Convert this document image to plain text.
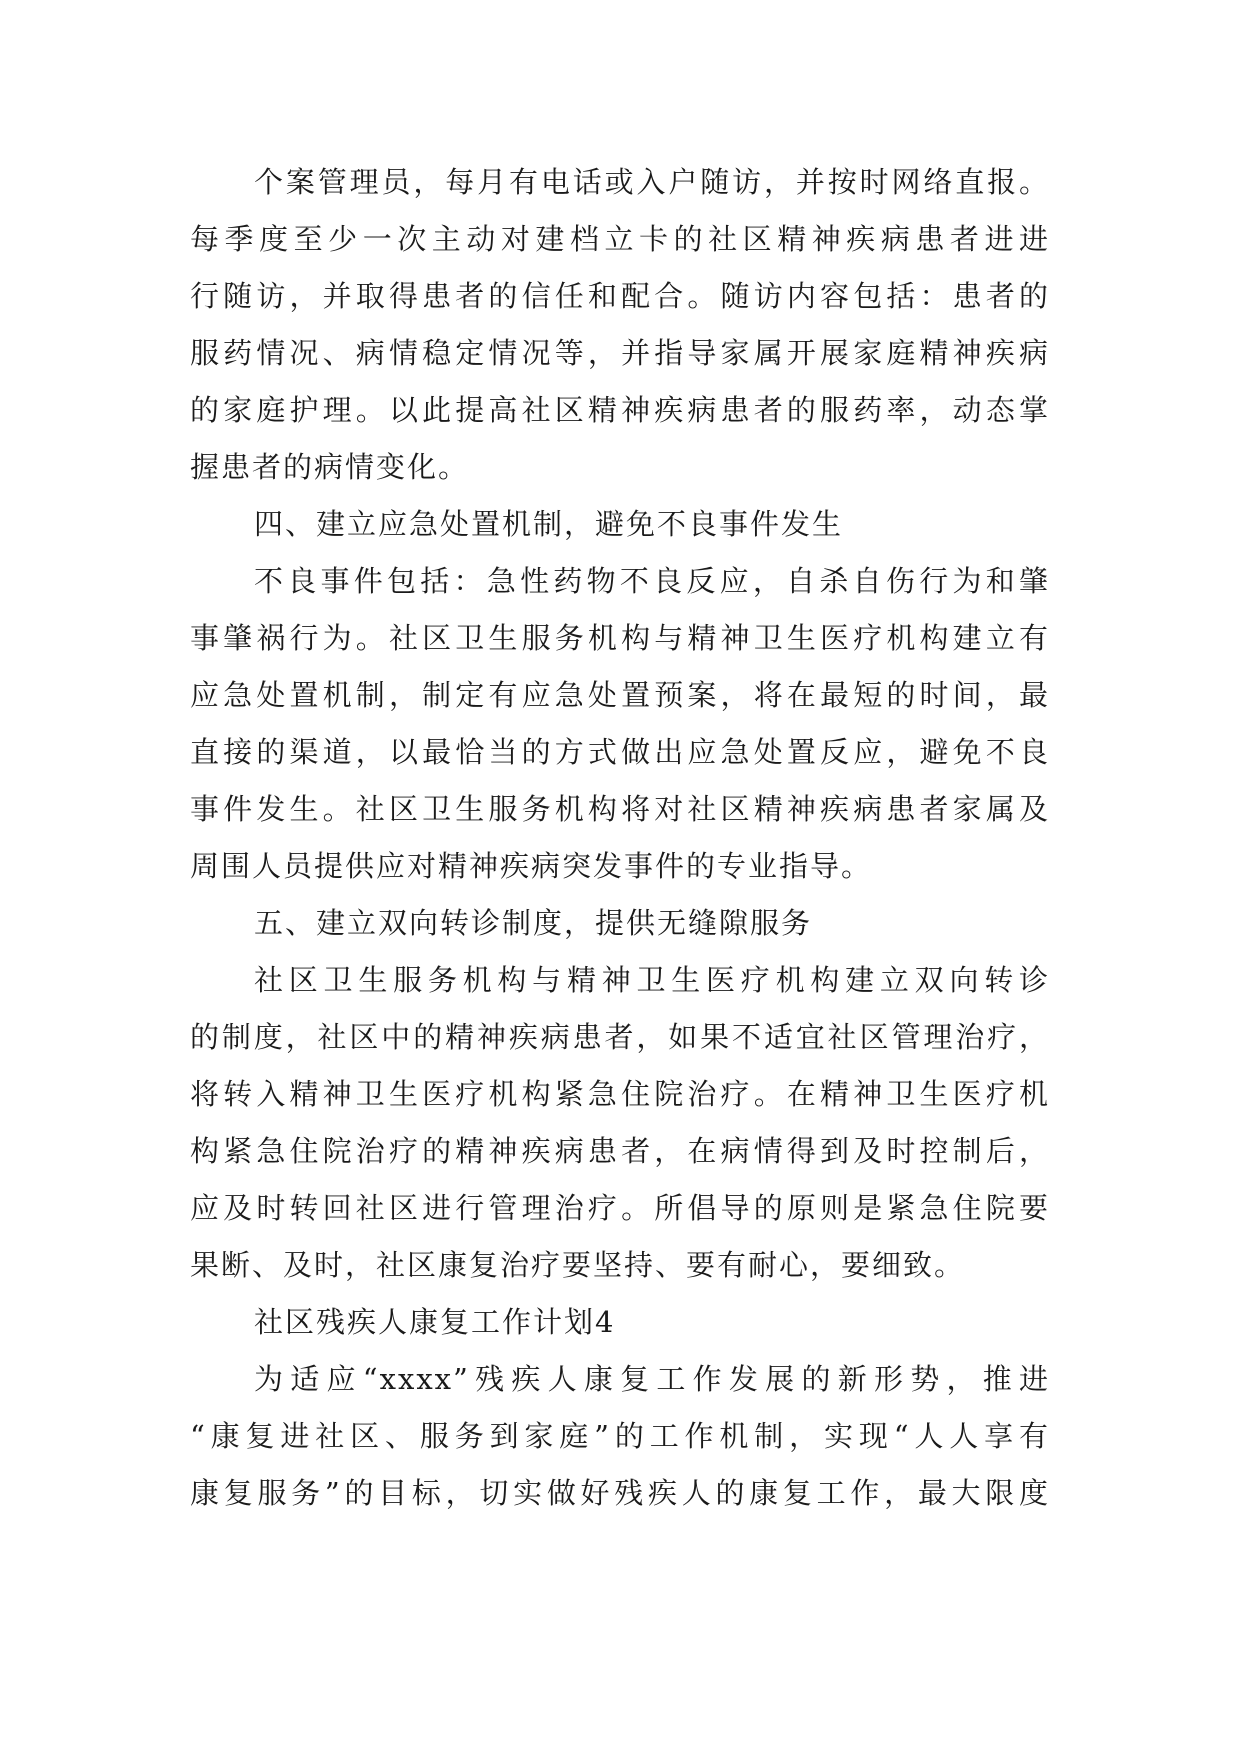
个案管理员，每月有电话或入户随访，并按时网络直报。
每季度至少一次主动对建档立卡的社区精神疾病患者进进
行随访，并取得患者的信任和配合。随访内容包括：患者的
服药情况、病情稳定情况等，并指导家属开展家庭精神疾病
的家庭护理。以此提高社区精神疾病患者的服药率，动态掌
握患者的病情变化。
四、建立应急处置机制，避免不良事件发生
不良事件包括：急性药物不良反应，自杀自伤行为和肇
事肇祸行为。社区卫生服务机构与精神卫生医疗机构建立有
应急处置机制，制定有应急处置预案，将在最短的时间，最
直接的渠道，以最恰当的方式做出应急处置反应，避免不良
事件发生。社区卫生服务机构将对社区精神疾病患者家属及
周围人员提供应对精神疾病突发事件的专业指导。
五、建立双向转诊制度，提供无缝隙服务
社区卫生服务机构与精神卫生医疗机构建立双向转诊
的制度，社区中的精神疾病患者，如果不适宜社区管理治疗，
将转入精神卫生医疗机构紧急住院治疗。在精神卫生医疗机
构紧急住院治疗的精神疾病患者，在病情得到及时控制后，
应及时转回社区进行管理治疗。所倡导的原则是紧急住院要
果断、及时，社区康复治疗要坚持、要有耐心，要细致。
社区残疾人康复工作计划4
为适应“xxxx”残疾人康复工作发展的新形势，推进
“康复进社区、服务到家庭”的工作机制，实现“人人享有
康复服务”的目标，切实做好残疾人的康复工作，最大限度
